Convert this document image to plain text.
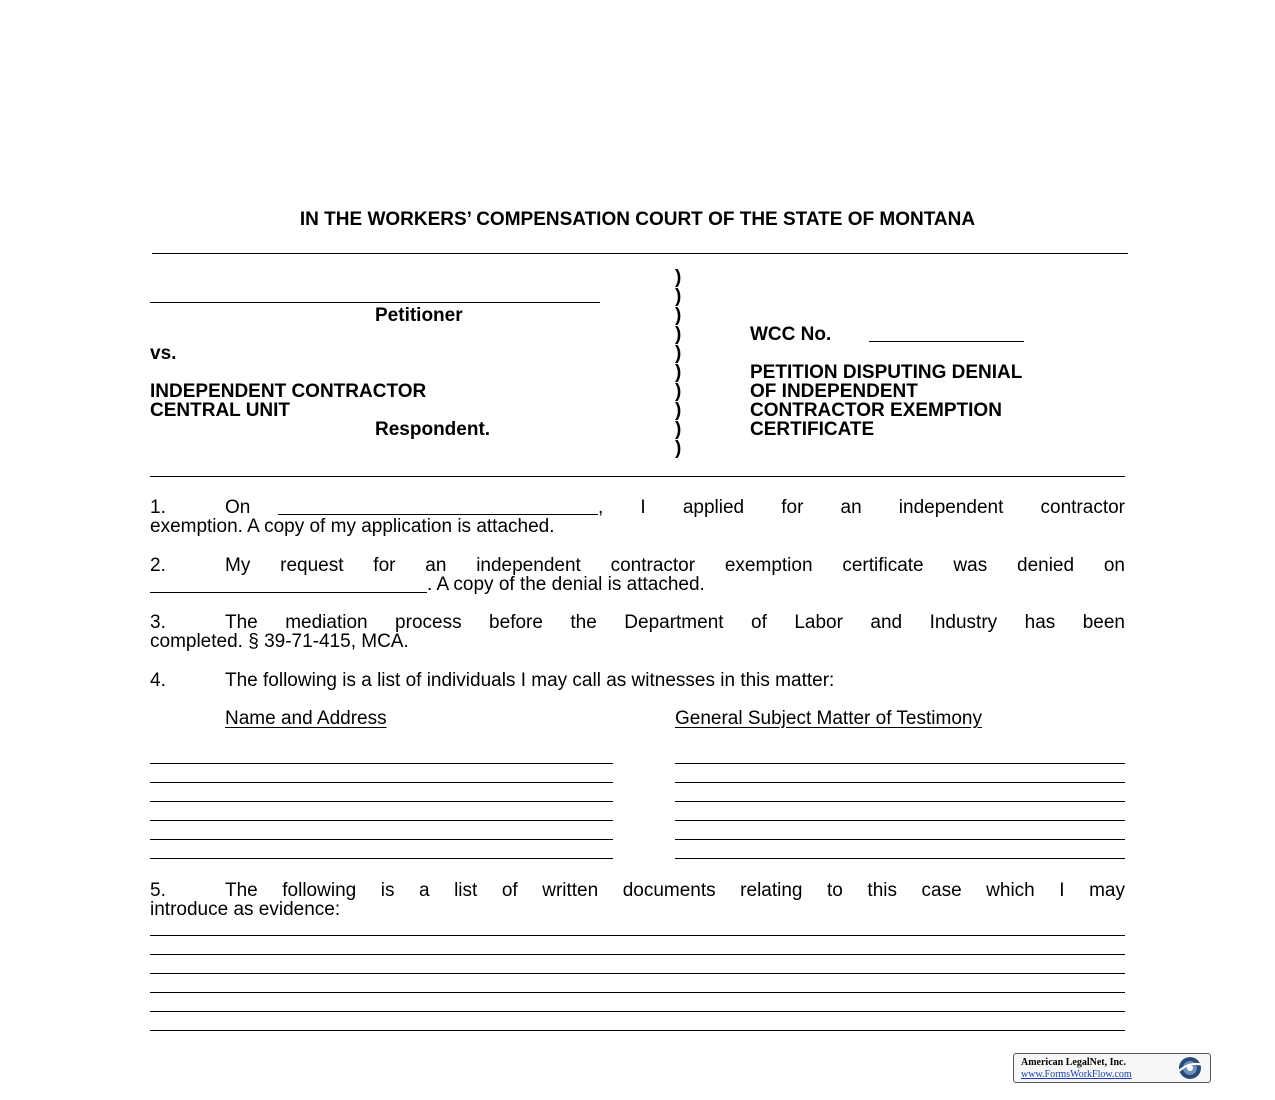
IN THE WORKERS’ COMPENSATION COURT OF THE STATE OF MONTANA
Petitioner
vs.
INDEPENDENT CONTRACTOR
CENTRAL UNIT
Respondent.
)
)
)
)
)
)
)
)
)
)
WCC No.
PETITION DISPUTING DENIAL
OF INDEPENDENT
CONTRACTOR EXEMPTION
CERTIFICATE
1.	On	, I applied for an independent contractor
exemption. A copy of my application is attached.
2.	My request for an independent contractor exemption certificate was denied on
. A copy of the denial is attached.
3.	The mediation process before the Department of Labor and Industry has been
completed. § 39-71-415, MCA.
4.	The following is a list of individuals I may call as witnesses in this matter:
Name and Address	General Subject Matter of Testimony
5.	The following is a list of written documents relating to this case which I may
introduce as evidence:
American LegalNet, Inc.
www.FormsWorkFlow.com
